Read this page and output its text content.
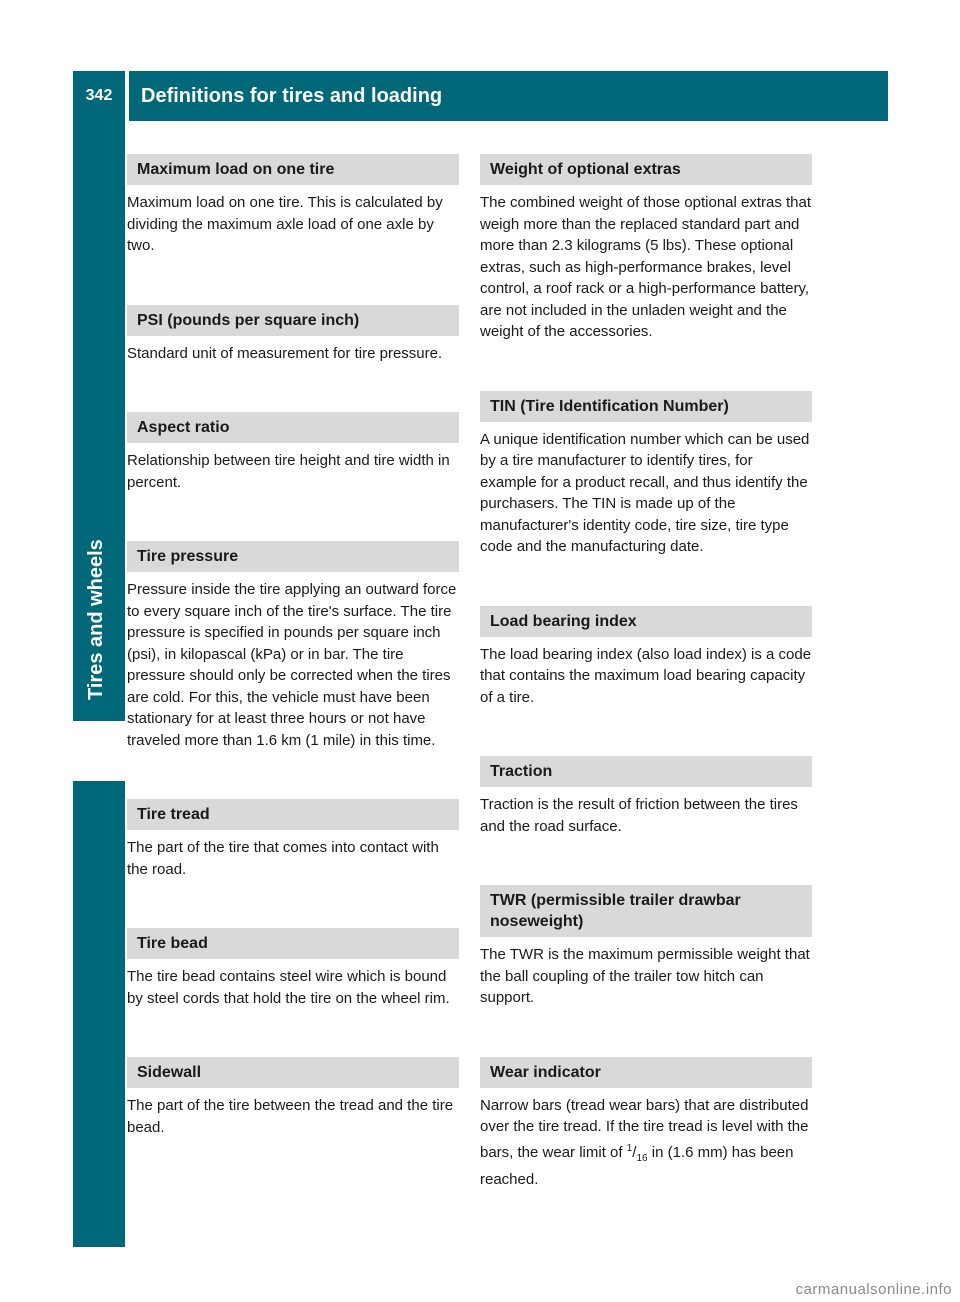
342	Definitions for tires and loading
Tires and wheels
Maximum load on one tire

Maximum load on one tire. This is calculated by dividing the maximum axle load of one axle by two.

PSI (pounds per square inch)

Standard unit of measurement for tire pressure.

Aspect ratio

Relationship between tire height and tire width in percent.

Tire pressure

Pressure inside the tire applying an outward force to every square inch of the tire's surface. The tire pressure is specified in pounds per square inch (psi), in kilopascal (kPa) or in bar. The tire pressure should only be corrected when the tires are cold. For this, the vehicle must have been stationary for at least three hours or not have traveled more than 1.6 km (1 mile) in this time.

Tire tread

The part of the tire that comes into contact with the road.

Tire bead

The tire bead contains steel wire which is bound by steel cords that hold the tire on the wheel rim.

Sidewall

The part of the tire between the tread and the tire bead.

Weight of optional extras

The combined weight of those optional extras that weigh more than the replaced standard part and more than 2.3 kilograms (5 lbs). These optional extras, such as high-performance brakes, level control, a roof rack or a high-performance battery, are not included in the unladen weight and the weight of the accessories.

TIN (Tire Identification Number)

A unique identification number which can be used by a tire manufacturer to identify tires, for example for a product recall, and thus identify the purchasers. The TIN is made up of the manufacturer's identity code, tire size, tire type code and the manufacturing date.

Load bearing index

The load bearing index (also load index) is a code that contains the maximum load bearing capacity of a tire.

Traction

Traction is the result of friction between the tires and the road surface.

TWR (permissible trailer drawbar noseweight)

The TWR is the maximum permissible weight that the ball coupling of the trailer tow hitch can support.

Wear indicator

Narrow bars (tread wear bars) that are distributed over the tire tread. If the tire tread is level with the bars, the wear limit of $^1/_{16}$ in (1.6 mm) has been reached.

carmanualsonline.info
